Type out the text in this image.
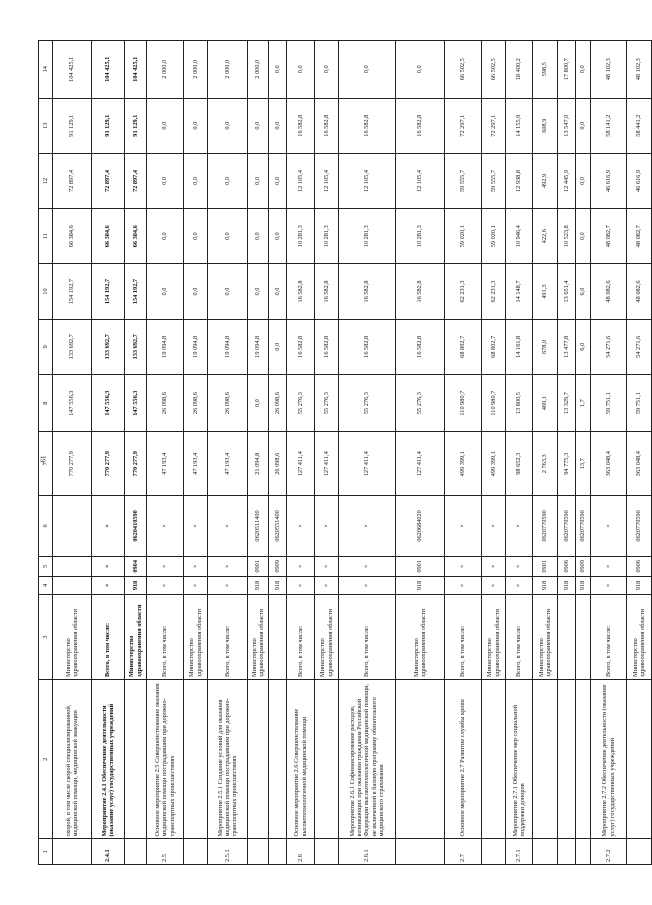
61
1	2	3	4	5	6	7	8	9	10	11	12	13	14
	скорой, в том числе скорой специализированной, медицинской помощи, медицинской эвакуации	Министерство здравоохранения области				770 277,9	147 556,3	133 692,7	154 192,7	66 384,6	72 897,4	91 129,1	104 425,1
2.4.1	Мероприятие 2.4.1 Обеспечение деятельности (оказание услуг) государственных учреждений	Всего, в том числе:	×	×	×	770 277,9	147 556,3	133 692,7	154 192,7	66 384,6	72 897,4	91 129,1	104 425,1
		Министерство здравоохранения области	918	0904	0620410590	770 277,9	147 556,3	133 692,7	154 192,7	66 384,6	72 897,4	91 129,1	104 425,1
2.5	Основное мероприятие 2.5 Совершенствование оказания медицинской помощи пострадавшим при дорожно-транспортных происшествиях	Всего, в том числе:	×	×	×	47 193,4	26 098,6	19 094,8	0,0	0,0	0,0	0,0	2 000,0
		Министерство здравоохранения области	×	×	×	47 193,4	26 098,6	19 094,8	0,0	0,0	0,0	0,0	2 000,0
2.5.1	Мероприятие 2.5.1 Создание условий для оказания медицинской помощи пострадавшим при дорожно-транспортных происшествиях	Всего, в том числе:	×	×	×	47 193,4	26 098,6	19 094,8	0,0	0,0	0,0	0,0	2 000,0
		Министерство здравоохранения области	918	0901	0620511400	21 094,8	0,0	19 094,8	0,0	0,0	0,0	0,0	2 000,0
			918	0909	0620551400	26 098,6	26 098,6	0,0	0,0	0,0	0,0	0,0	0,0
2.6	Основное мероприятие 2.6 Совершенствование высокотехнологичной медицинской помощи	Всего, в том числе:	×	×	×	127 411,4	55 276,3	16 582,8	16 582,8	10 281,3	12 105,4	16 582,8	0,0
		Министерство здравоохранения области	×	×	×	127 411,4	55 276,3	16 582,8	16 582,8	10 281,3	12 105,4	16 582,8	0,0
2.6.1	Мероприятие 2.6.1 Софинансирование расходов, возникающих при оказании гражданам Российской Федерации высокотехнологичной медицинской помощи, не включенной в базовую программу обязательного медицинского страхования	Всего, в том числе:	×	×	×	127 411,4	55 276,3	16 582,8	16 582,8	10 281,3	12 105,4	16 582,8	0,0
		Министерство здравоохранения области	918	0901	0620684020	127 411,4	55 276,3	16 582,8	16 582,8	10 281,3	12 105,4	16 582,8	0,0
2.7	Основное мероприятие 2.7 Развитие службы крови	Всего, в том числе:	×	×	×	499 399,1	110 980,7	68 802,7	62 231,3	59 020,1	59 555,7	72 297,1	66 502,5
		Министерство здравоохранения области	×	×	×	499 399,1	110 980,7	68 802,7	62 231,3	59 020,1	59 555,7	72 297,1	66 502,5
2.7.1	Мероприятие 2.7.1 Обеспечение мер социальной поддержки доноров	Всего, в том числе:	×	×	×	98 652,3	13 800,5	14 161,8	14 148,7	10 946,4	12 938,8	14 155,9	18 400,2
		Министерство здравоохранения области	918	0901	0620770590	2 763,3	469,1	678,0	491,3	422,6	492,9	608,9	598,5
			918	0906	0620770590	94 775,3	13 329,7	13 477,8	13 651,4	10 523,8	12 445,9	13 547,0	17 800,7
			918	0909	0620770590	13,7	1,7	6,0	6,0	0,0	0,0	0,0	0,0
2.7.2	Мероприятие 2.7.2 Обеспечение деятельности (оказание услуг) государственных учреждений	Всего, в том числе:	×	×	×	363 048,4	59 751,1	54 271,6	48 082,6	48 082,7	46 616,9	58 141,2	48 102,3
		Министерство здравоохранения области	918	0906	0620770590	363 048,4	59 751,1	54 271,6	48 082,6	48 082,7	46 616,9	58 441,2	48 102,3
